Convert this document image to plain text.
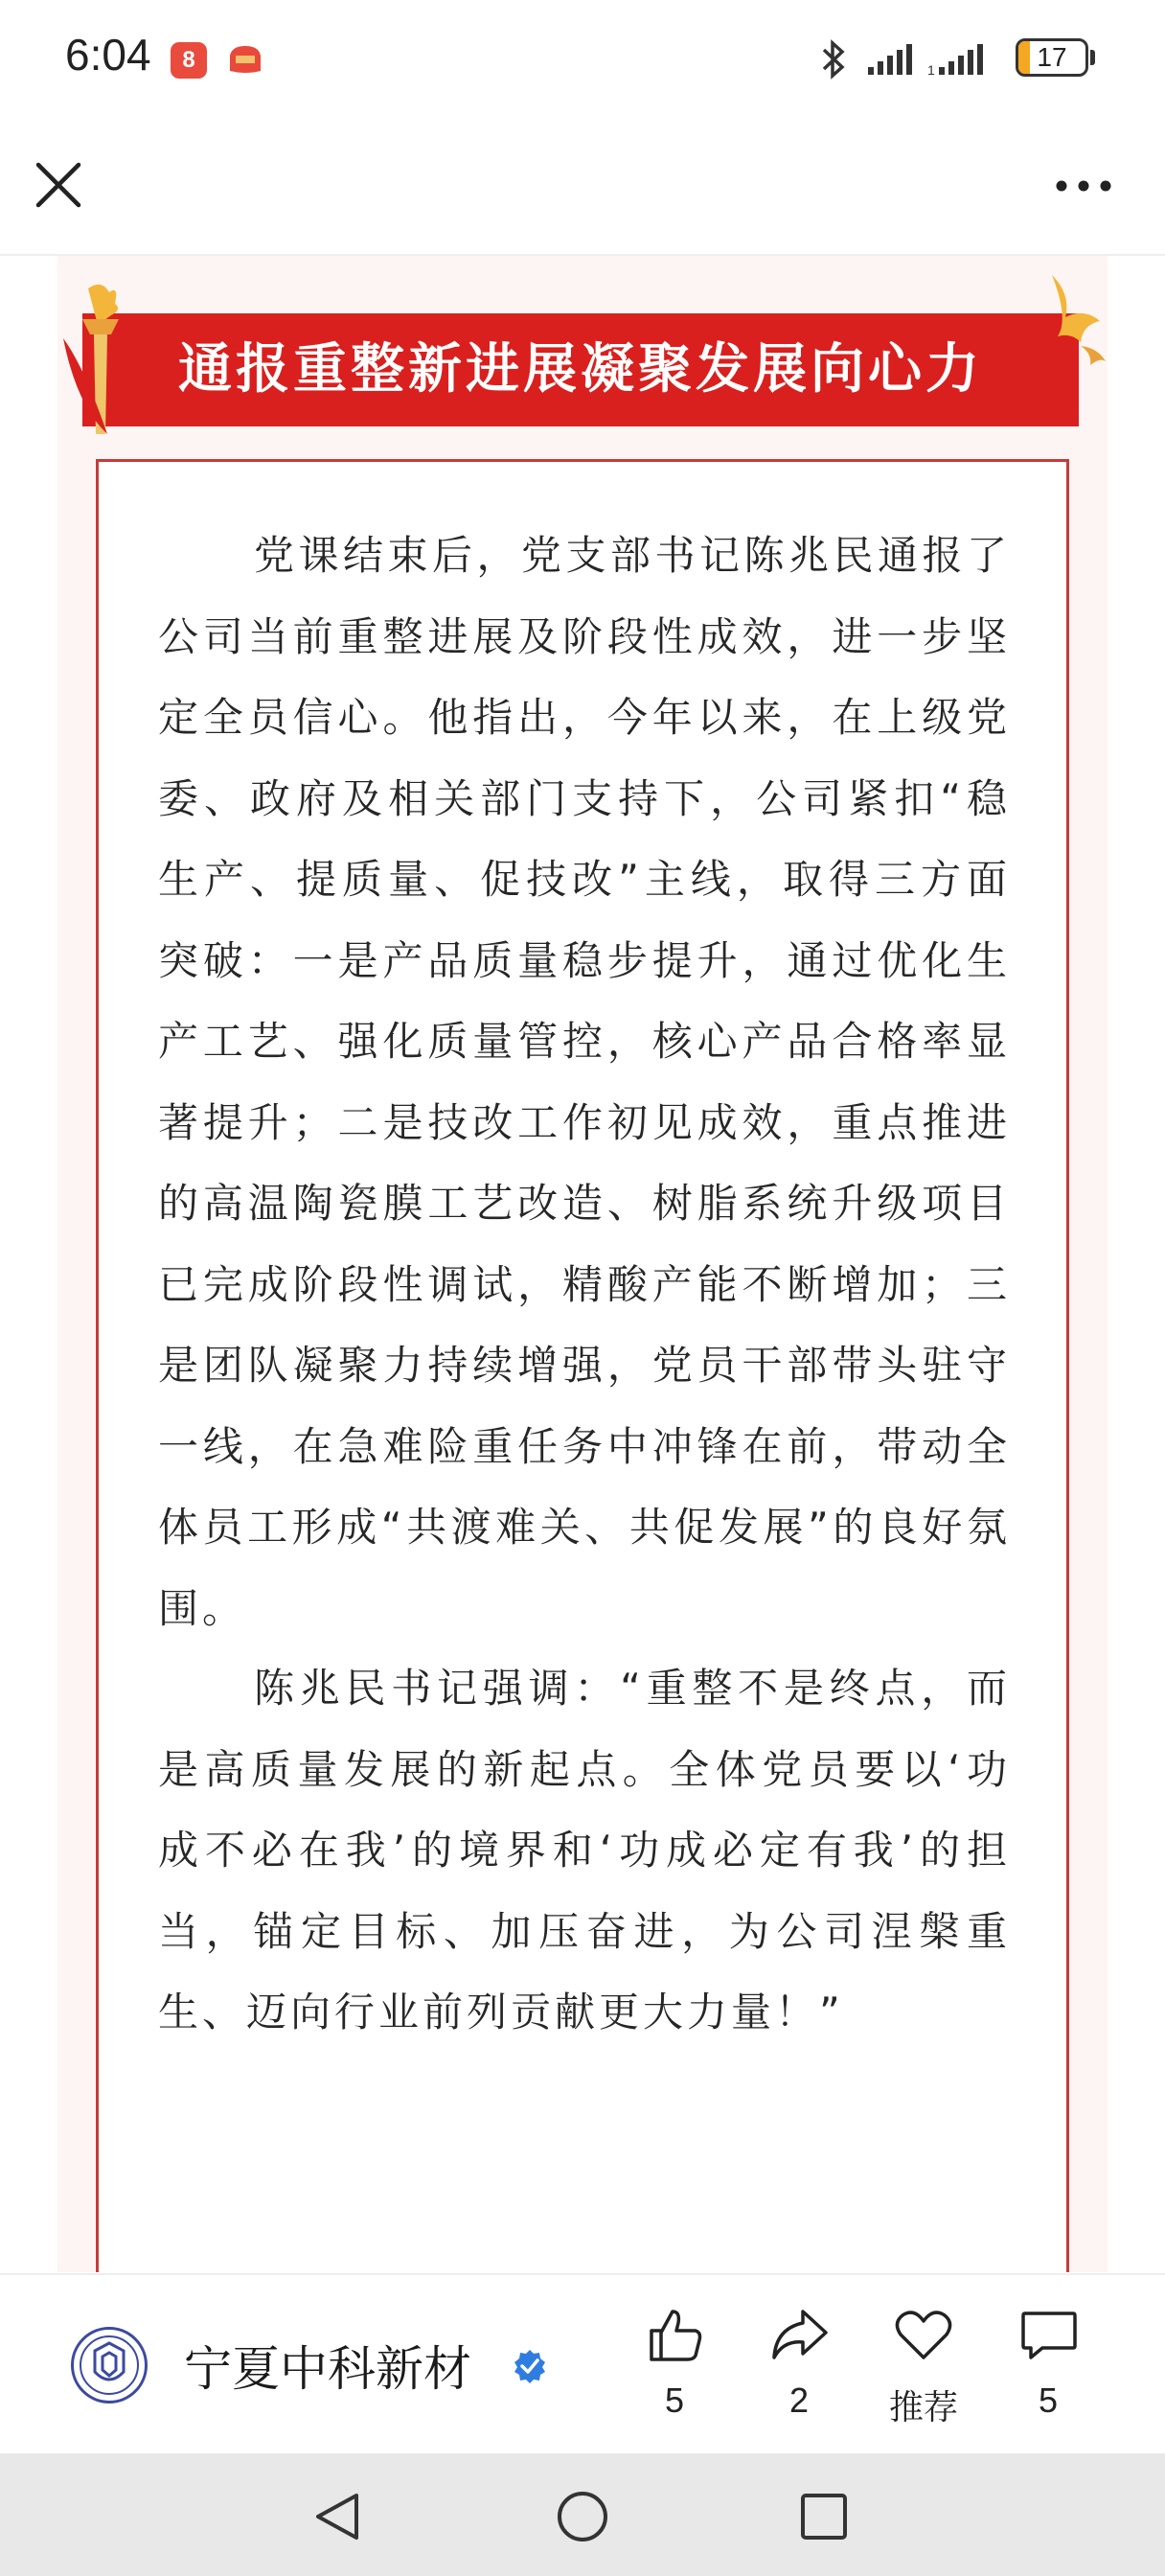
6:04	8	1	17
通报重整新进展凝聚发展向心力

党课结束后，党支部书记陈兆民通报了公司当前重整进展及阶段性成效，进一步坚定全员信心。他指出，今年以来，在上级党委、政府及相关部门支持下，公司紧扣“稳生产、提质量、促技改”主线，取得三方面突破：一是产品质量稳步提升，通过优化生产工艺、强化质量管控，核心产品合格率显著提升；二是技改工作初见成效，重点推进的高温陶瓷膜工艺改造、树脂系统升级项目已完成阶段性调试，精酸产能不断增加；三是团队凝聚力持续增强，党员干部带头驻守一线，在急难险重任务中冲锋在前，带动全体员工形成“共渡难关、共促发展”的良好氛围。

陈兆民书记强调：“重整不是终点，而是高质量发展的新起点。全体党员要以‘功成不必在我’的境界和‘功成必定有我’的担当，锚定目标、加压奋进，为公司涅槃重生、迈向行业前列贡献更大力量！”

宁夏中科新材
5	2	推荐	5
